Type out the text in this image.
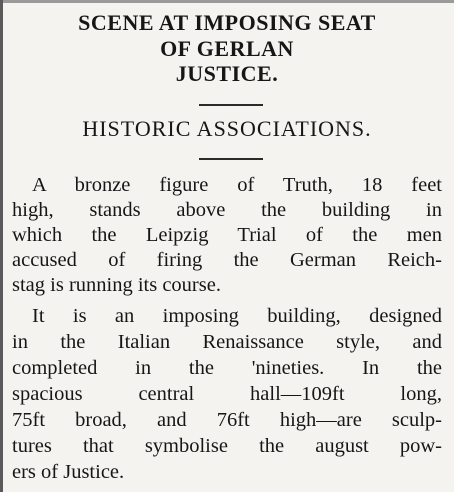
SCENE AT IMPOSING SEAT

OF GERLAN

JUSTICE.

HISTORIC ASSOCIATIONS.

A bronze figure of Truth, 18 feet

high, stands above the building in

which the Leipzig Trial of the men

accused of firing the German Reich-

stag is running its course.

It is an imposing building, designed

in the Italian Renaissance style, and

completed in the 'nineties. In the

spacious central hall—109ft long,

75ft broad, and 76ft high—are sculp-

tures that symbolise the august pow-

ers of Justice.
